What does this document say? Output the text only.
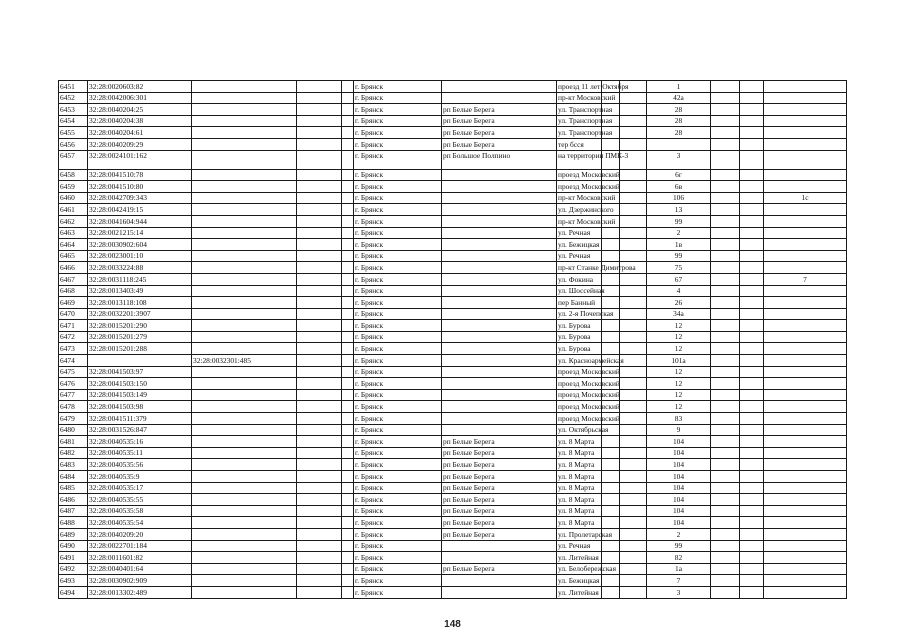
6451	32:28:0020603:82				г. Брянск		проезд 11 лет Октября			1			
6452	32:28:0042006:301				г. Брянск		пр-кт Московский			42а			
6453	32:28:0040204:25				г. Брянск	рп Белые Берега	ул. Транспортная			28			
6454	32:28:0040204:38				г. Брянск	рп Белые Берега	ул. Транспортная			28			
6455	32:28:0040204:61				г. Брянск	рп Белые Берега	ул. Транспортная			28			
6456	32:28:0040209:29				г. Брянск	рп Белые Берега	тер бсся						
6457	32:28:0024101:162				г. Брянск	рп Большое Полпино	на территории ПМК-3			3			
6458	32:28:0041510:78				г. Брянск		проезд Московский			6г			
6459	32:28:0041510:80				г. Брянск		проезд Московский			6в			
6460	32:28:0042709:343				г. Брянск		пр-кт Московский			106			1с
6461	32:28:0042419:15				г. Брянск		ул. Дзержинского			13			
6462	32:28:0041604:944				г. Брянск		пр-кт Московский			99			
6463	32:28:0021215:14				г. Брянск		ул. Речная			2			
6464	32:28:0030902:604				г. Брянск		ул. Бежицкая			1в			
6465	32:28:0023001:10				г. Брянск		ул. Речная			99			
6466	32:28:0033224:88				г. Брянск		пр-кт Станке Димитрова			75			
6467	32:28:0031118:245				г. Брянск		ул. Фокина			67			7
6468	32:28:0013403:49				г. Брянск		ул. Шоссейная			4			
6469	32:28:0013118:108				г. Брянск		пер Банный			26			
6470	32:28:0032201:3907				г. Брянск		ул. 2-я Почепская			34а			
6471	32:28:0015201:290				г. Брянск		ул. Бурова			12			
6472	32:28:0015201:279				г. Брянск		ул. Бурова			12			
6473	32:28:0015201:288				г. Брянск		ул. Бурова			12			
6474		32:28:0032301:485			г. Брянск		ул. Красноармейская			101а			
6475	32:28:0041503:97				г. Брянск		проезд Московский			12			
6476	32:28:0041503:150				г. Брянск		проезд Московский			12			
6477	32:28:0041503:149				г. Брянск		проезд Московский			12			
6478	32:28:0041503:98				г. Брянск		проезд Московский			12			
6479	32:28:0041511:379				г. Брянск		проезд Московский			83			
6480	32:28:0031526:847				г. Брянск		ул. Октябрьская			9			
6481	32:28:0040535:16				г. Брянск	рп Белые Берега	ул. 8 Марта			104			
6482	32:28:0040535:11				г. Брянск	рп Белые Берега	ул. 8 Марта			104			
6483	32:28:0040535:56				г. Брянск	рп Белые Берега	ул. 8 Марта			104			
6484	32:28:0040535:9				г. Брянск	рп Белые Берега	ул. 8 Марта			104			
6485	32:28:0040535:17				г. Брянск	рп Белые Берега	ул. 8 Марта			104			
6486	32:28:0040535:55				г. Брянск	рп Белые Берега	ул. 8 Марта			104			
6487	32:28:0040535:58				г. Брянск	рп Белые Берега	ул. 8 Марта			104			
6488	32:28:0040535:54				г. Брянск	рп Белые Берега	ул. 8 Марта			104			
6489	32:28:0040209:20				г. Брянск	рп Белые Берега	ул. Пролетарская			2			
6490	32:28:0022701:184				г. Брянск		ул. Речная			99			
6491	32:28:0011601:82				г. Брянск		ул. Литейная			82			
6492	32:28:0040401:64				г. Брянск	рп Белые Берега	ул. Белобережская			1а			
6493	32:28:0030902:909				г. Брянск		ул. Бежицкая			7			
6494	32:28:0013302:489				г. Брянск		ул. Литейная			3			
148
